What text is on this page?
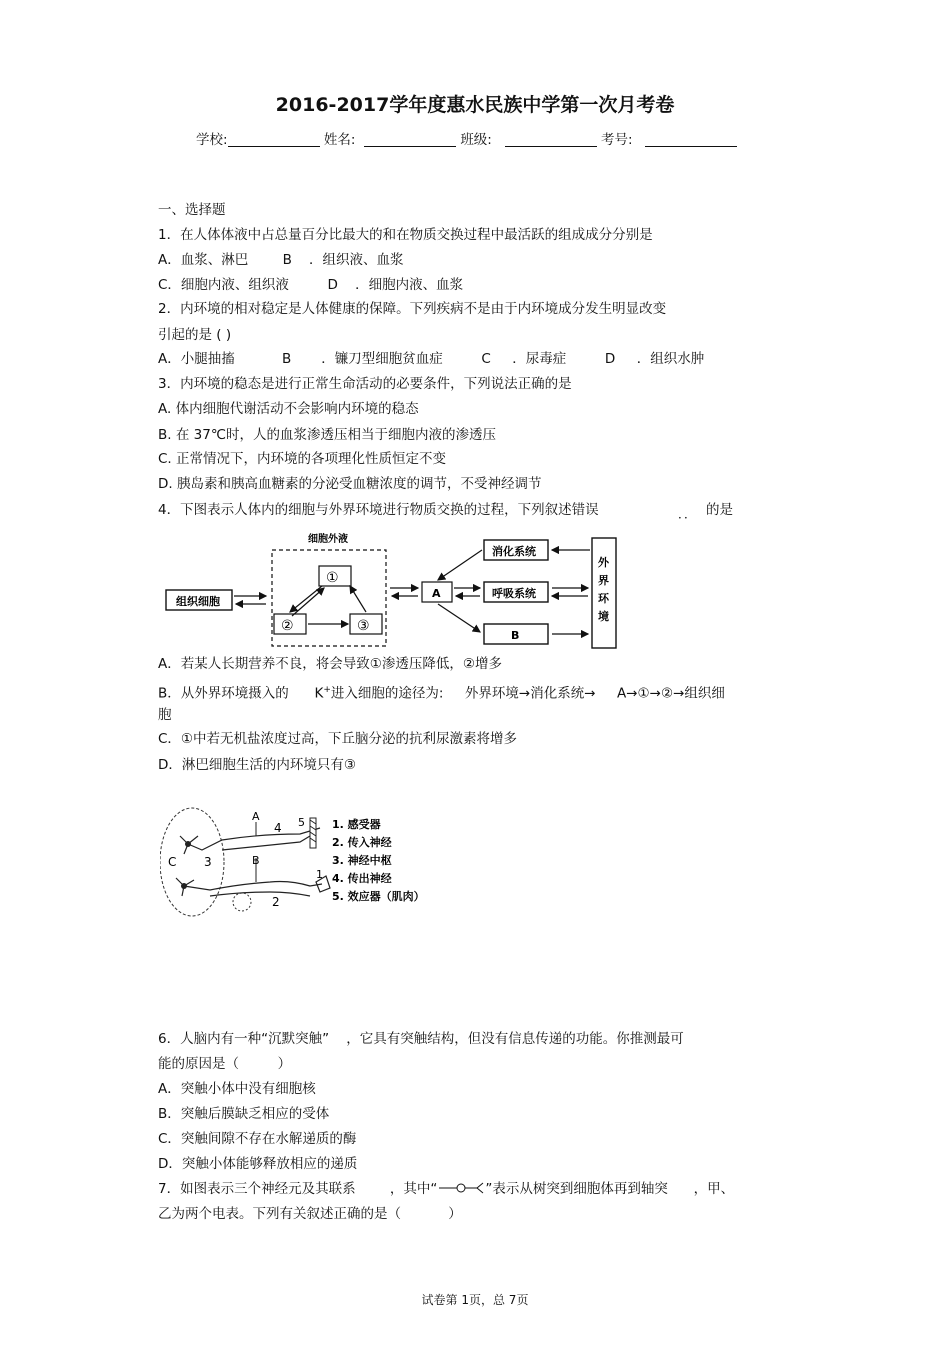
2016-2017学年度惠水民族中学第一次月考卷
学校:	姓名:	班级:	考号:
一、选择题
1．在人体体液中占总量百分比最大的和在物质交换过程中最活跃的组成成分分别是
A．血浆、淋巴        B    ．组织液、血浆
C．细胞内液、组织液         D    ．细胞内液、血浆
2．内环境的相对稳定是人体健康的保障。下列疾病不是由于内环境成分发生明显改变
引起的是 ( )
A．小腿抽搐           B       ．镰刀型细胞贫血症         C     ．尿毒症         D     ．组织水肿
3．内环境的稳态是进行正常生命活动的必要条件，下列说法正确的是
A. 体内细胞代谢活动不会影响内环境的稳态
B. 在 37℃时，人的血浆渗透压相当于细胞内液的渗透压
C. 正常情况下，内环境的各项理化性质恒定不变
D. 胰岛素和胰高血糖素的分泌受血糖浓度的调节，不受神经调节
4．下图表示人体内的细胞与外界环境进行物质交换的过程，下列叙述错误	．． 的是
细胞外液
组织细胞
①
②	③
A
消化系统
呼吸系统
B
外
界
环
境
A．若某人长期营养不良，将会导致①渗透压降低，②增多
B．从外界环境摄入的      K+进入细胞的途径为:     外界环境→消化系统→     A→①→②→组织细
胞
C．①中若无机盐浓度过高，下丘脑分泌的抗利尿激素将增多
D．淋巴细胞生活的内环境只有③
A
B
C 3
4 5
2
1
1. 感受器
2. 传入神经
3. 神经中枢
4. 传出神经
5. 效应器（肌肉）
6．人脑内有一种“沉默突触”    ，它具有突触结构，但没有信息传递的功能。你推测最可
能的原因是（         ）
A．突触小体中没有细胞核
B．突触后膜缺乏相应的受体
C．突触间隙不存在水解递质的酶
D．突触小体能够释放相应的递质
7．如图表示三个神经元及其联系        ，其中“	”表示从树突到细胞体再到轴突      ，甲、
乙为两个电表。下列有关叙述正确的是（           ）
试卷第 1页，总 7页
